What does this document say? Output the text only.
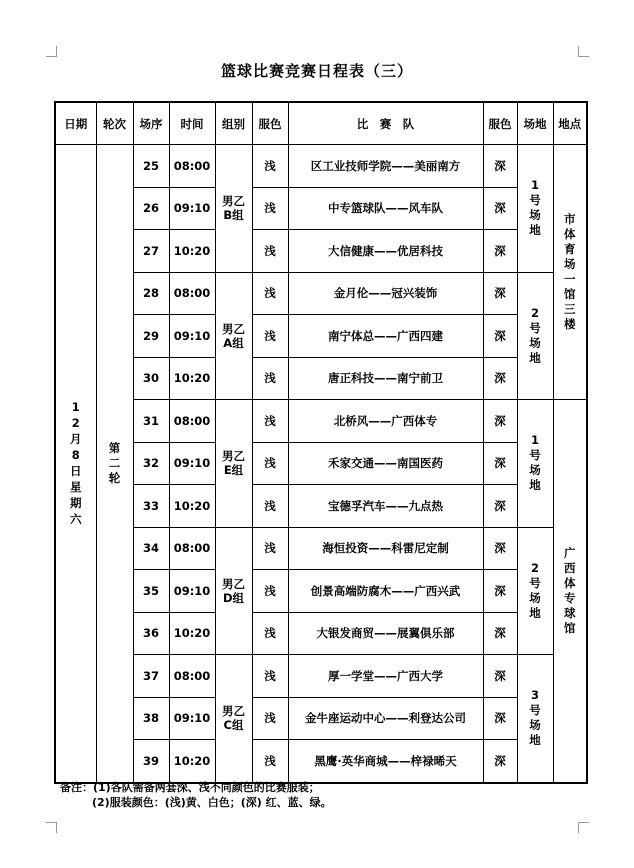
篮球比赛竞赛日程表（三）
日期	轮次	场序	时间	组别	服色	比　赛　队	服色	场地	地点
12月8日　星期六	第二轮	25	08:00	男乙B组	浅	区工业技师学院——美丽南方	深	1号场地	市体育场一馆三楼
		26	09:10		浅	中专篮球队——风车队	深		
		27	10:20		浅	大信健康——优居科技	深		
		28	08:00	男乙A组	浅	金月伦——冠兴装饰	深	2号场地	
		29	09:10		浅	南宁体总——广西四建	深		
		30	10:20		浅	唐正科技——南宁前卫	深		
		31	08:00	男乙E组	浅	北桥风——广西体专	深	1号场地	广西体专球馆
		32	09:10		浅	禾家交通——南国医药	深		
		33	10:20		浅	宝德孚汽车——九点热	深		
		34	08:00	男乙D组	浅	海恒投资——科雷尼定制	深	2号场地	
		35	09:10		浅	创景高端防腐木——广西兴武	深		
		36	10:20		浅	大银发商贸——展翼俱乐部	深		
		37	08:00	男乙C组	浅	厚一学堂——广西大学	深	3号场地	
		38	09:10		浅	金牛座运动中心——利登达公司	深		
		39	10:20		浅	黑鹰·英华商城——梓禄晞天	深		
备注：(1)各队需备两套深、浅不同颜色的比赛服装；
(2)服装颜色：(浅)黄、白色；(深) 红、蓝、绿。
